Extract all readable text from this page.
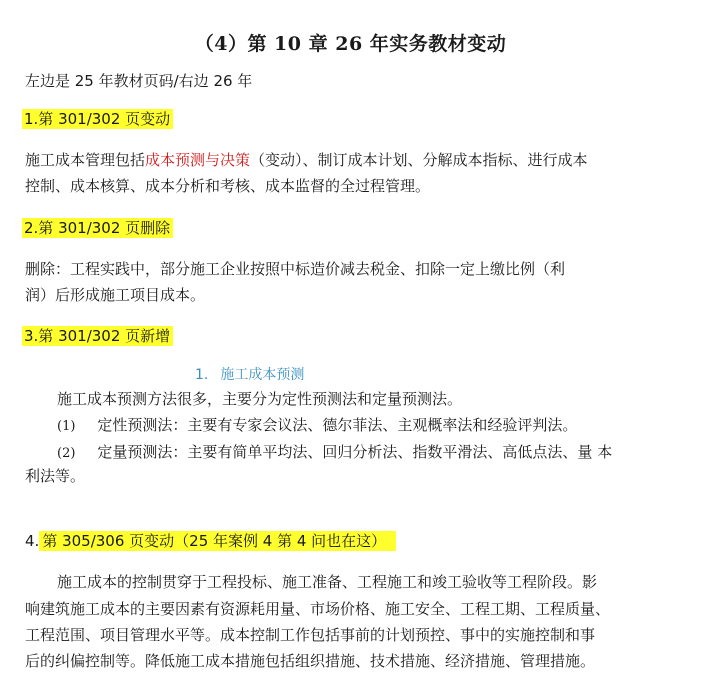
（4）第 10 章 26 年实务教材变动
左边是 25 年教材页码/右边 26 年
1.第 301/302 页变动
施工成本管理包括成本预测与决策（变动）、制订成本计划、分解成本指标、进行成本
控制、成本核算、成本分析和考核、成本监督的全过程管理。
2.第 301/302 页删除
删除：工程实践中，部分施工企业按照中标造价减去税金、扣除一定上缴比例（利
润）后形成施工项目成本。
3.第 301/302 页新增
1. 施工成本预测
施工成本预测方法很多，主要分为定性预测法和定量预测法。
(1) 定性预测法：主要有专家会议法、德尔菲法、主观概率法和经验评判法。
(2) 定量预测法：主要有简单平均法、回归分析法、指数平滑法、高低点法、量 本
利法等。
4. 第 305/306 页变动（25 年案例 4 第 4 问也在这）
施工成本的控制贯穿于工程投标、施工准备、工程施工和竣工验收等工程阶段。影
响建筑施工成本的主要因素有资源耗用量、市场价格、施工安全、工程工期、工程质量、
工程范围、项目管理水平等。成本控制工作包括事前的计划预控、事中的实施控制和事
后的纠偏控制等。降低施工成本措施包括组织措施、技术措施、经济措施、管理措施。
